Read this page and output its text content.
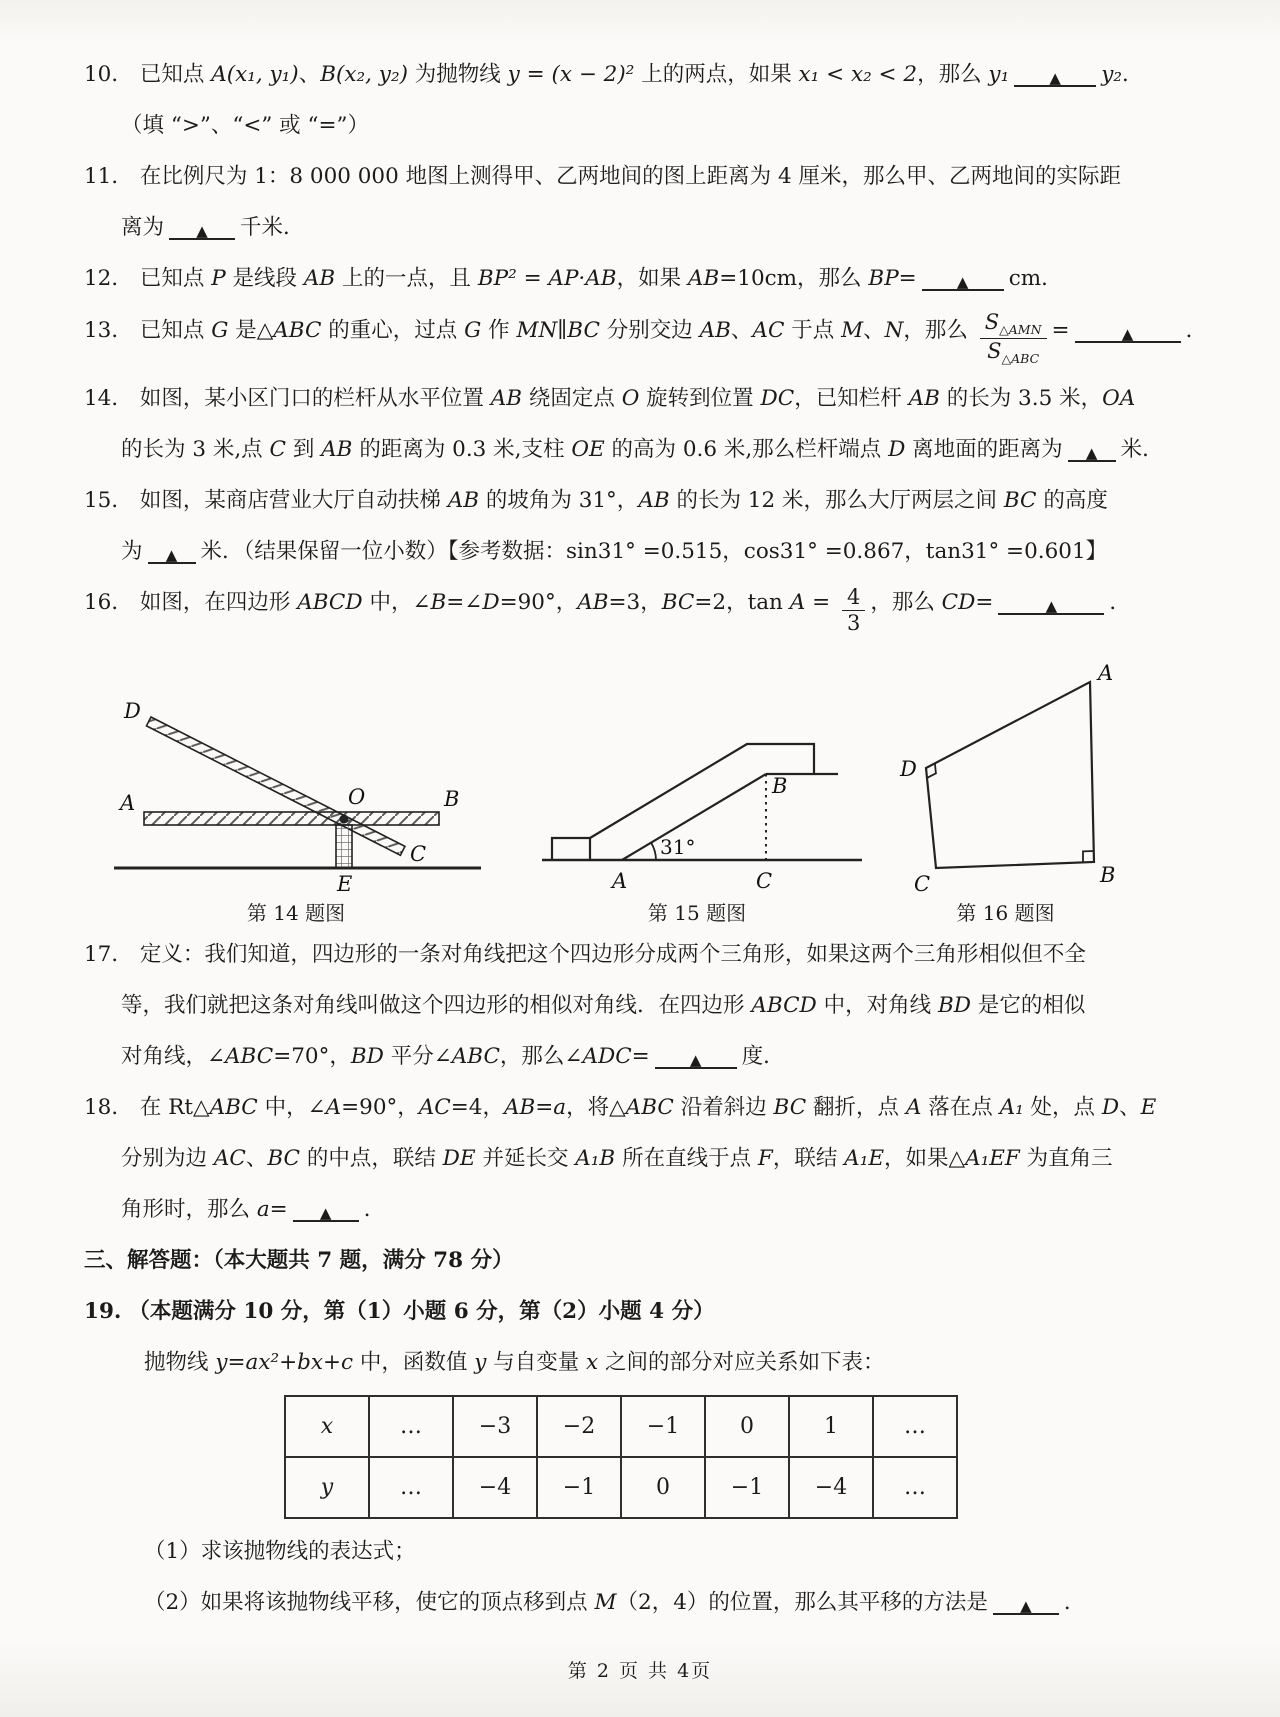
10． 已知点 A(x₁, y₁)、B(x₂, y₂) 为抛物线 y = (x − 2)² 上的两点，如果 x₁ < x₂ < 2，那么 y₁	▲ y₂．
（填 “>”、“<” 或 “=”）
11． 在比例尺为 1：8 000 000 地图上测得甲、乙两地间的图上距离为 4 厘米，那么甲、乙两地间的实际距
离为 ▲ 千米．
12． 已知点 P 是线段 AB 上的一点，且 BP² = AP·AB，如果 AB=10cm，那么 BP=	▲ cm．
13． 已知点 G 是△ABC 的重心，过点 G 作 MN∥BC 分别交边 AB、AC 于点 M、N，那么 $\frac{S_{\triangle AMN}}{S_{\triangle ABC}}$ =	▲ ．
14． 如图，某小区门口的栏杆从水平位置 AB 绕固定点 O 旋转到位置 DC，已知栏杆 AB 的长为 3.5 米，OA
的长为 3 米,点 C 到 AB 的距离为 0.3 米,支柱 OE 的高为 0.6 米,那么栏杆端点 D 离地面的距离为 ▲ 米．
15． 如图，某商店营业大厅自动扶梯 AB 的坡角为 31°，AB 的长为 12 米，那么大厅两层之间 BC 的高度
为 ▲ 米．（结果保留一位小数）【参考数据：sin31° =0.515，cos31° =0.867，tan31° =0.601】
16． 如图，在四边形 ABCD 中，∠B=∠D=90°，AB=3，BC=2，$\tan A = \frac{4}{3}$ ，那么 CD=	▲ ．
D
A	O	B
C
E
第 14 题图
31°
A
B
C
第 15 题图
A
B
C
D
第 16 题图
17． 定义：我们知道，四边形的一条对角线把这个四边形分成两个三角形，如果这两个三角形相似但不全
等，我们就把这条对角线叫做这个四边形的相似对角线．在四边形 ABCD 中，对角线 BD 是它的相似
对角线，∠ABC=70°，BD 平分∠ABC，那么∠ADC=	▲ 度．
18． 在 Rt△ABC 中，∠A=90°，AC=4，AB=a，将△ABC 沿着斜边 BC 翻折，点 A 落在点 A₁ 处，点 D、E
分别为边 AC、BC 的中点，联结 DE 并延长交 A₁B 所在直线于点 F，联结 A₁E，如果△A₁EF 为直角三
角形时，那么 a= ▲ ．
三、解答题：（本大题共 7 题，满分 78 分）
19. （本题满分 10 分，第（1）小题 6 分，第（2）小题 4 分）
抛物线 y=ax²+bx+c 中，函数值 y 与自变量 x 之间的部分对应关系如下表：
x	…	−3	−2	−1	0	1	…
y	…	−4	−1	0	−1	−4	…
（1）求该抛物线的表达式；
（2）如果将该抛物线平移，使它的顶点移到点 M（2，4）的位置，那么其平移的方法是 ▲ ．
第 2 页 共 4页
